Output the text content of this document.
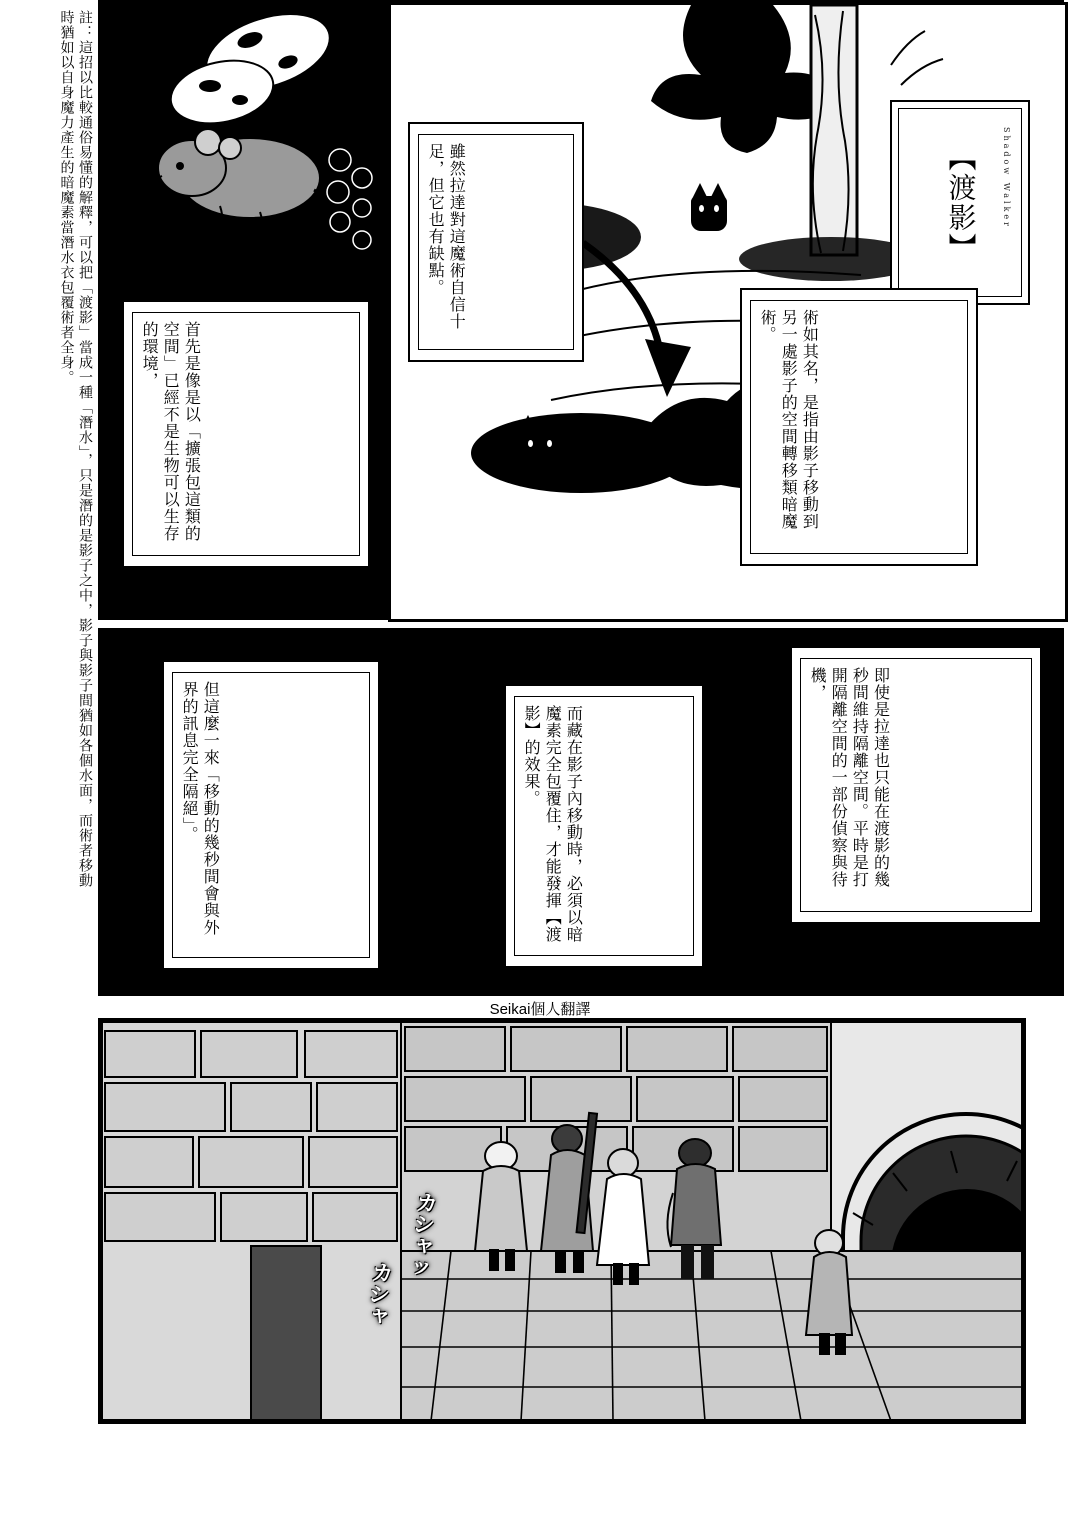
註：這招以比較通俗易懂的解釋，可以把「渡影」當成一種「潛水」，只是潛的是影子之中，影子與影子間猶如各個水面，而術者移動時猶如以自身魔力產生的暗魔素當潛水衣包覆術者全身。	【渡影】	Shadow Walker
雖然拉達對這魔術自信十足，但它也有缺點。
術如其名，是指由影子移動到另一處影子的空間轉移類暗魔術。
首先是像是以「擴張包這類的空間」已經不是生物可以生存的環境，
但這麼一來「移動的幾秒間會與外界的訊息完全隔絕」。	而藏在影子內移動時，必須以暗魔素完全包覆住，才能發揮【渡影】的效果。	即使是拉達也只能在渡影的幾秒間維持隔離空間。平時是打開隔離空間的一部份偵察與待機，
Seikai個人翻譯
カシャッ
カシャ
